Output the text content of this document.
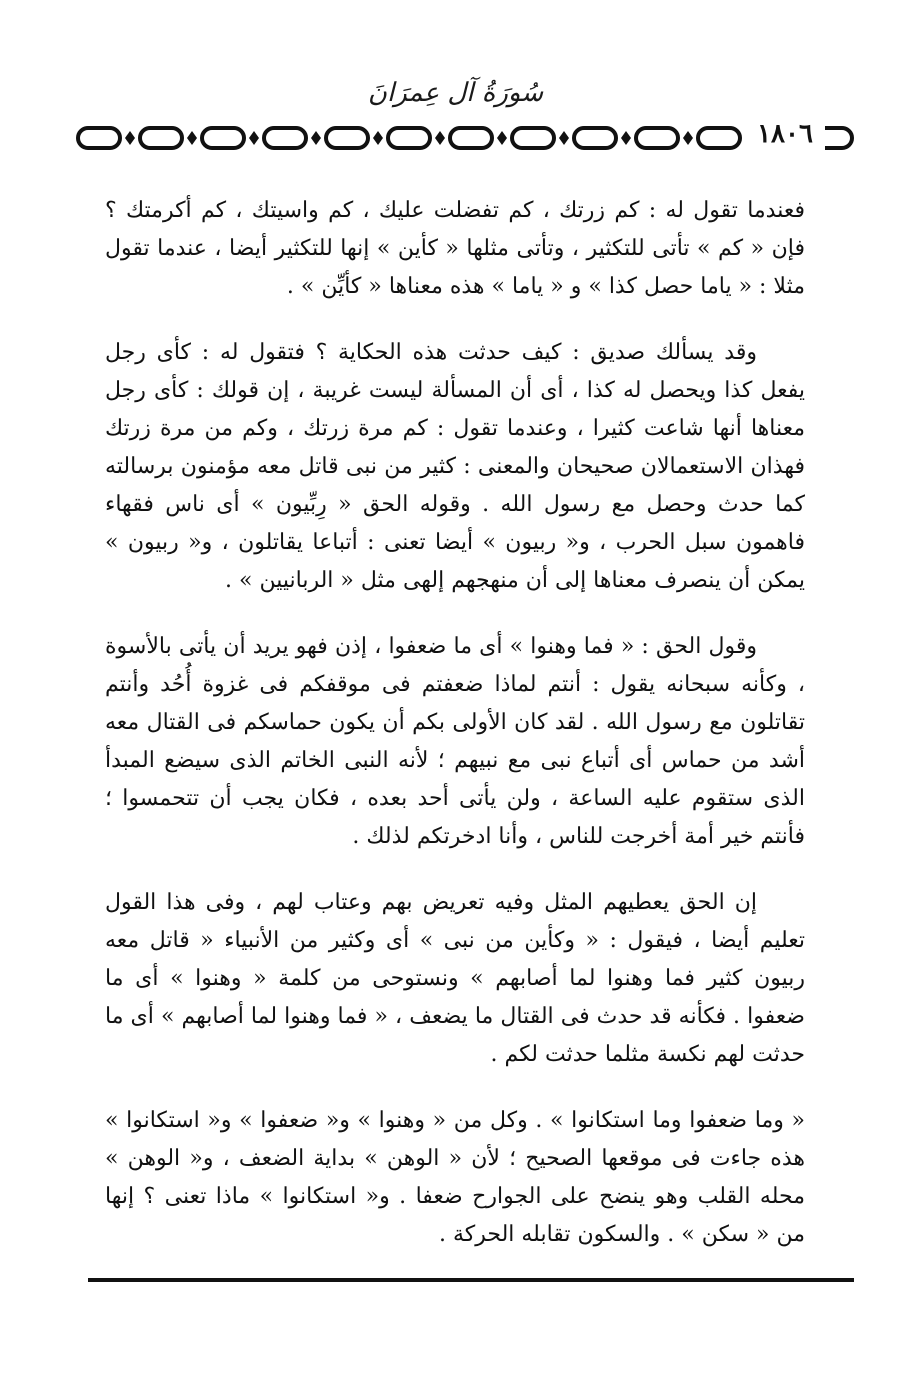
سُورَةُ آل عِمرَانَ
١٨٠٦

فعندما تقول له : كم زرتك ، كم تفضلت عليك ، كم واسيتك ، كم أكرمتك ؟ فإن « كم » تأتى للتكثير ، وتأتى مثلها « كأين » إنها للتكثير أيضا ، عندما تقول مثلا : « ياما حصل كذا » و « ياما » هذه معناها « كأيِّن » .

وقد يسألك صديق : كيف حدثت هذه الحكاية ؟ فتقول له : كأى رجل يفعل كذا ويحصل له كذا ، أى أن المسألة ليست غريبة ، إن قولك : كأى رجل معناها أنها شاعت كثيرا ، وعندما تقول : كم مرة زرتك ، وكم من مرة زرتك فهذان الاستعمالان صحيحان والمعنى : كثير من نبى قاتل معه مؤمنون برسالته كما حدث وحصل مع رسول الله . وقوله الحق « رِبِّيون » أى ناس فقهاء فاهمون سبل الحرب ، و« ربيون » أيضا تعنى : أتباعا يقاتلون ، و« ربيون » يمكن أن ينصرف معناها إلى أن منهجهم إلهى مثل « الربانيين » .

وقول الحق : « فما وهنوا » أى ما ضعفوا ، إذن فهو يريد أن يأتى بالأسوة ، وكأنه سبحانه يقول : أنتم لماذا ضعفتم فى موقفكم فى غزوة أُحُد وأنتم تقاتلون مع رسول الله . لقد كان الأولى بكم أن يكون حماسكم فى القتال معه أشد من حماس أى أتباع نبى مع نبيهم ؛ لأنه النبى الخاتم الذى سيضع المبدأ الذى ستقوم عليه الساعة ، ولن يأتى أحد بعده ، فكان يجب أن تتحمسوا ؛ فأنتم خير أمة أخرجت للناس ، وأنا ادخرتكم لذلك .

إن الحق يعطيهم المثل وفيه تعريض بهم وعتاب لهم ، وفى هذا القول تعليم أيضا ، فيقول : « وكأين من نبى » أى وكثير من الأنبياء « قاتل معه ربيون كثير فما وهنوا لما أصابهم » ونستوحى من كلمة « وهنوا » أى ما ضعفوا . فكأنه قد حدث فى القتال ما يضعف ، « فما وهنوا لما أصابهم » أى ما حدثت لهم نكسة مثلما حدثت لكم .

« وما ضعفوا وما استكانوا » . وكل من « وهنوا » و« ضعفوا » و« استكانوا » هذه جاءت فى موقعها الصحيح ؛ لأن « الوهن » بداية الضعف ، و« الوهن » محله القلب وهو ينضح على الجوارح ضعفا . و« استكانوا » ماذا تعنى ؟ إنها من « سكن » . والسكون تقابله الحركة .
